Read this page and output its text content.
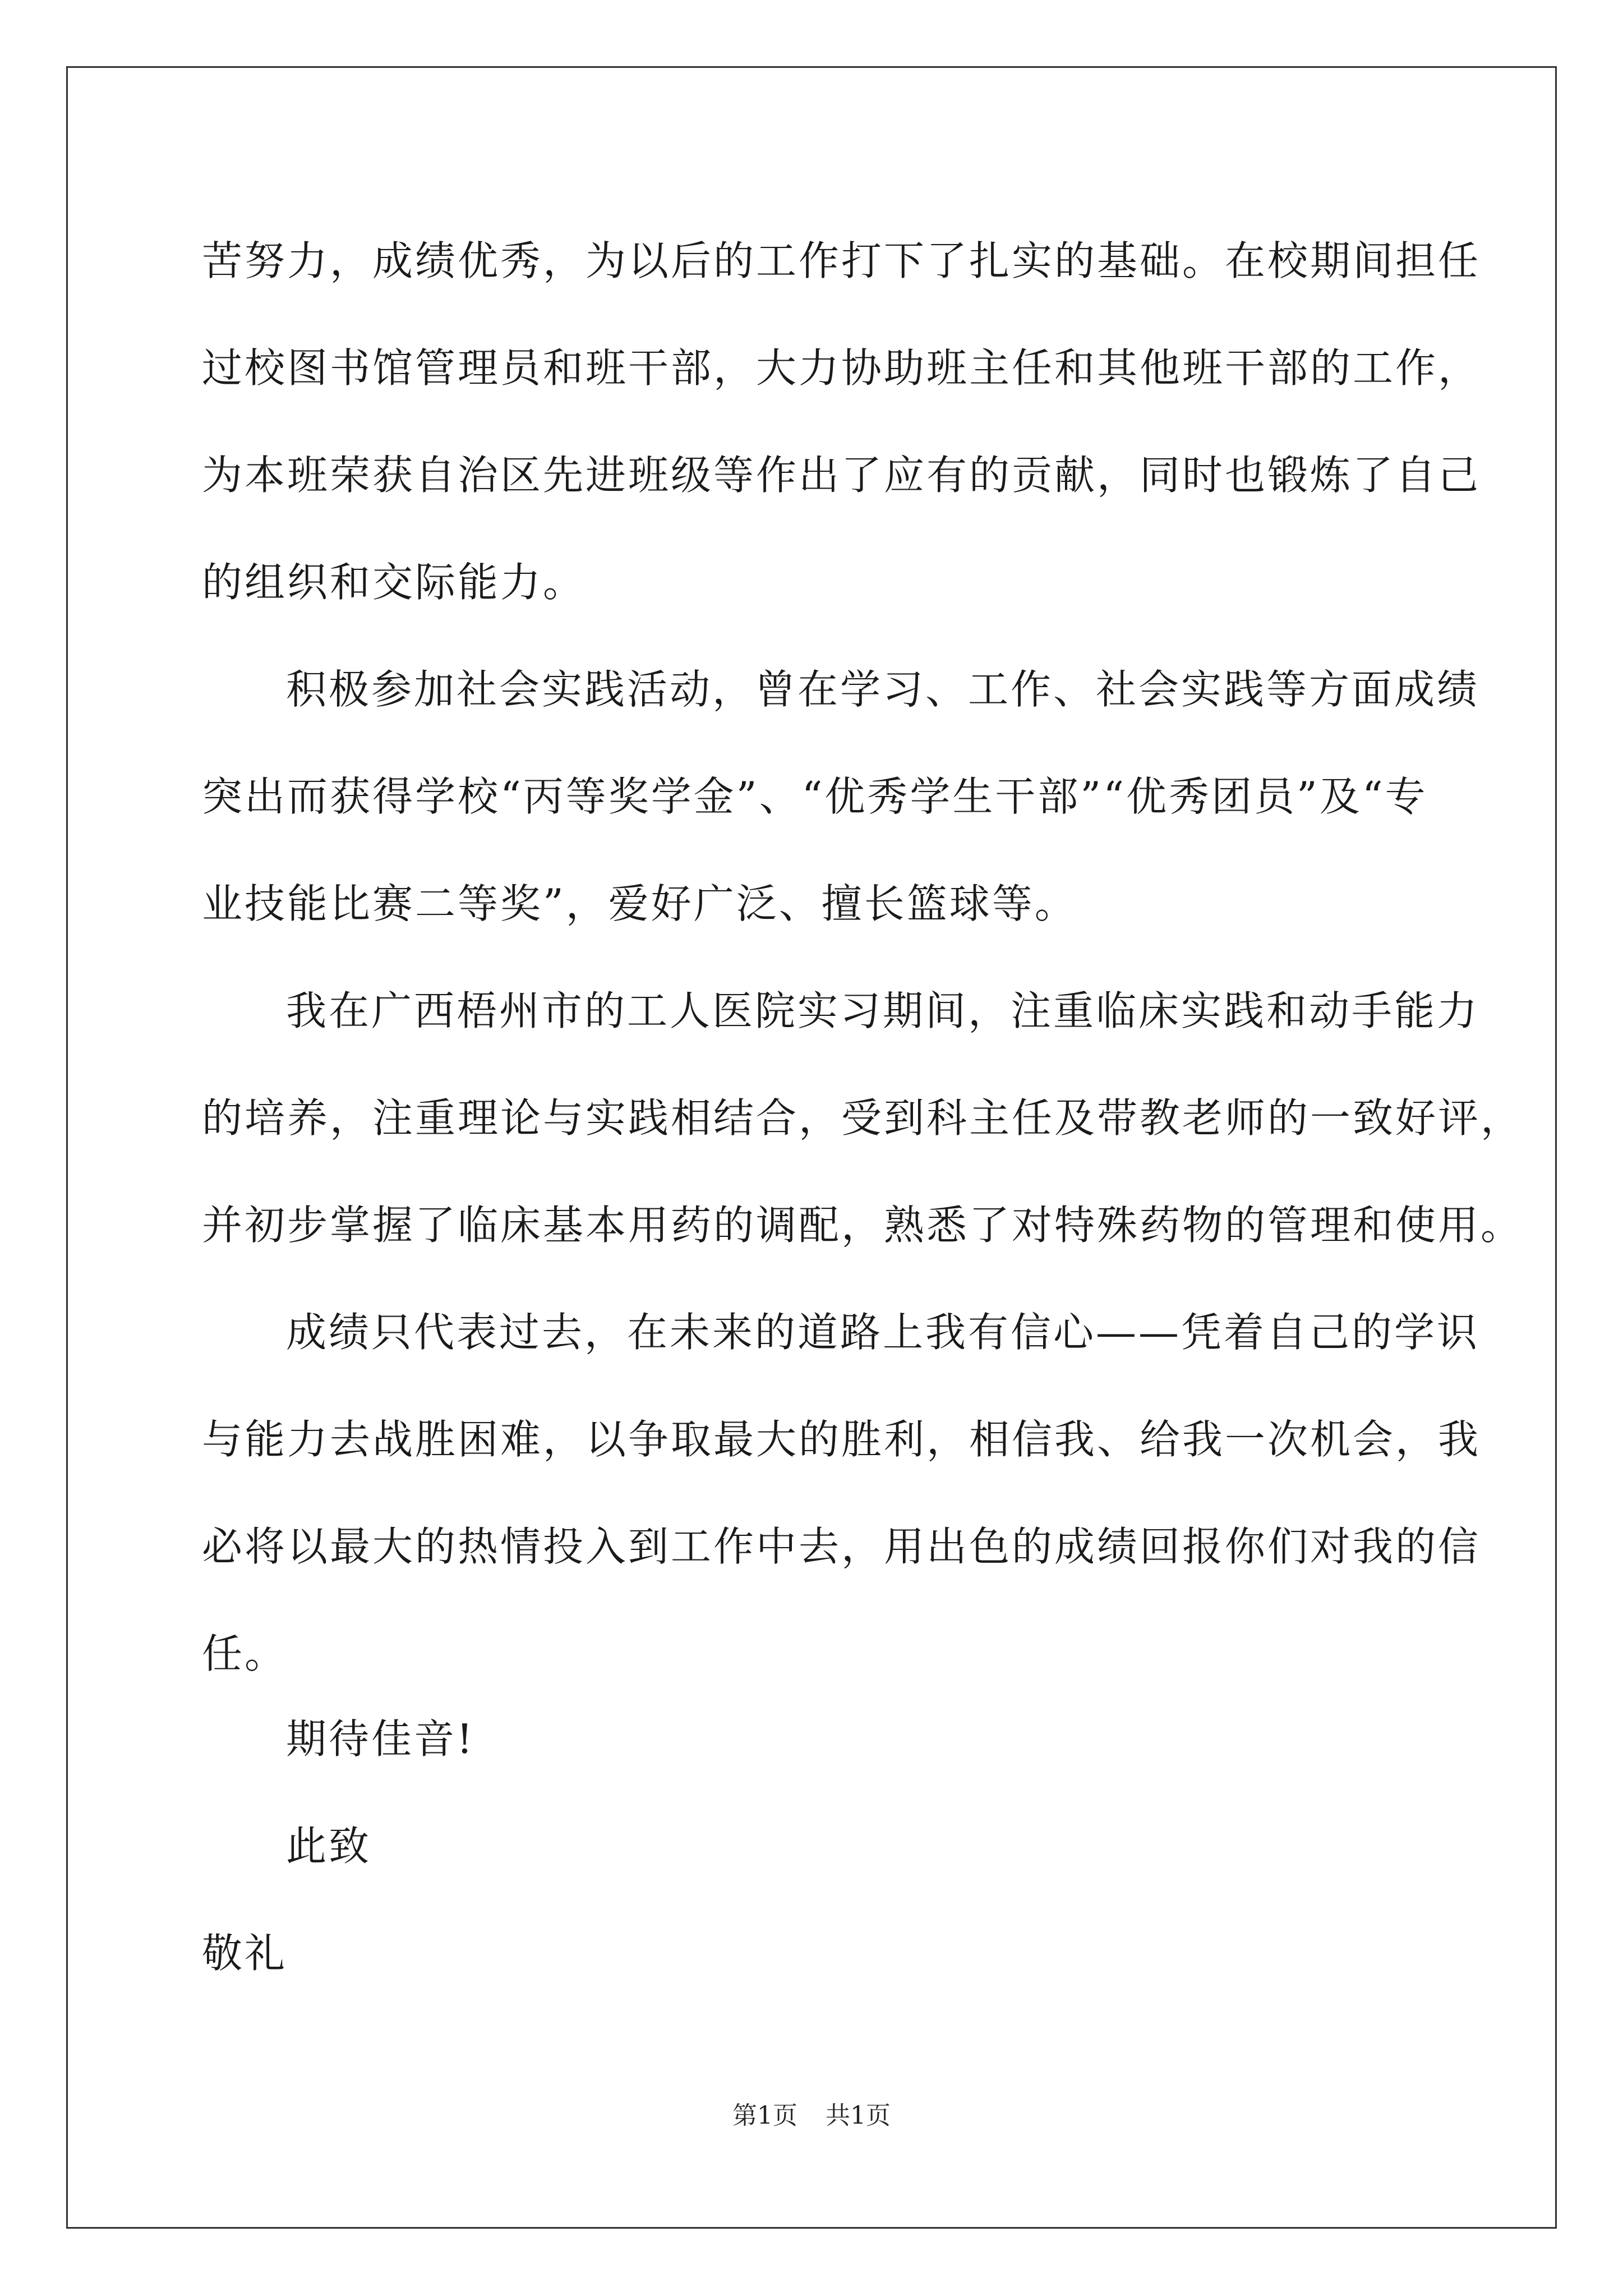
苦努力，成绩优秀，为以后的工作打下了扎实的基础。在校期间担任

过校图书馆管理员和班干部，大力协助班主任和其他班干部的工作，

为本班荣获自治区先进班级等作出了应有的贡献，同时也锻炼了自己

的组织和交际能力。

积极参加社会实践活动，曾在学习、工作、社会实践等方面成绩

突出而获得学校“丙等奖学金”、“优秀学生干部”“优秀团员”及“专

业技能比赛二等奖”，爱好广泛、擅长篮球等。

我在广西梧州市的工人医院实习期间，注重临床实践和动手能力

的培养，注重理论与实践相结合，受到科主任及带教老师的一致好评，

并初步掌握了临床基本用药的调配，熟悉了对特殊药物的管理和使用。

成绩只代表过去，在未来的道路上我有信心——凭着自己的学识

与能力去战胜困难，以争取最大的胜利，相信我、给我一次机会，我

必将以最大的热情投入到工作中去，用出色的成绩回报你们对我的信

任。

期待佳音!

此致

敬礼

第1页 共1页
